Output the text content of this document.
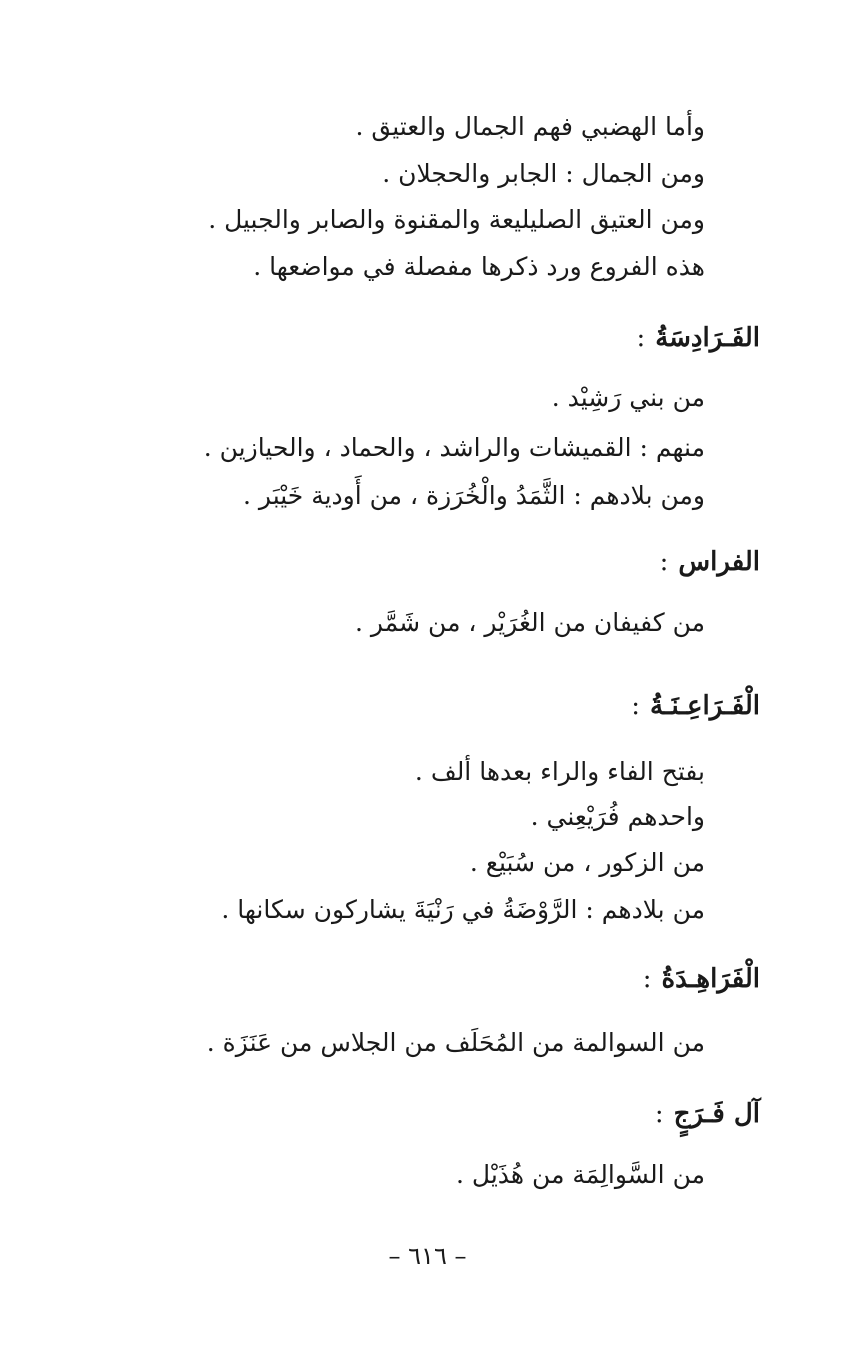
وأما الهضبي فهم الجمال والعتيق .
ومن الجمال : الجابر والحجلان .
ومن العتيق الصليليعة والمقنوة والصابر والجبيل .
هذه الفروع ورد ذكرها مفصلة في مواضعها .
الفَـرَادِسَةُ:
من بني رَشِيْد .
منهم : القميشات والراشد ، والحماد ، والحيازين .
ومن بلادهم : الثَّمَدُ والْخُرَزة ، من أَودية خَيْبَر .
الفراس:
من كفيفان من الغُرَيْر ، من شَمَّر .
الْفَـرَاعِـنَـةُ:
بفتح الفاء والراء بعدها ألف .
واحدهم فُرَيْعِني .
من الزكور ، من سُبَيْع .
من بلادهم : الرَّوْضَةُ في رَنْيَةَ يشاركون سكانها .
الْفَرَاهِـدَةُ:
من السوالمة من المُحَلَف من الجلاس من عَنَزَة .
آل فَـرَجٍ:
من السَّوالِمَة من هُذَيْل .
– ٦١٦ –
